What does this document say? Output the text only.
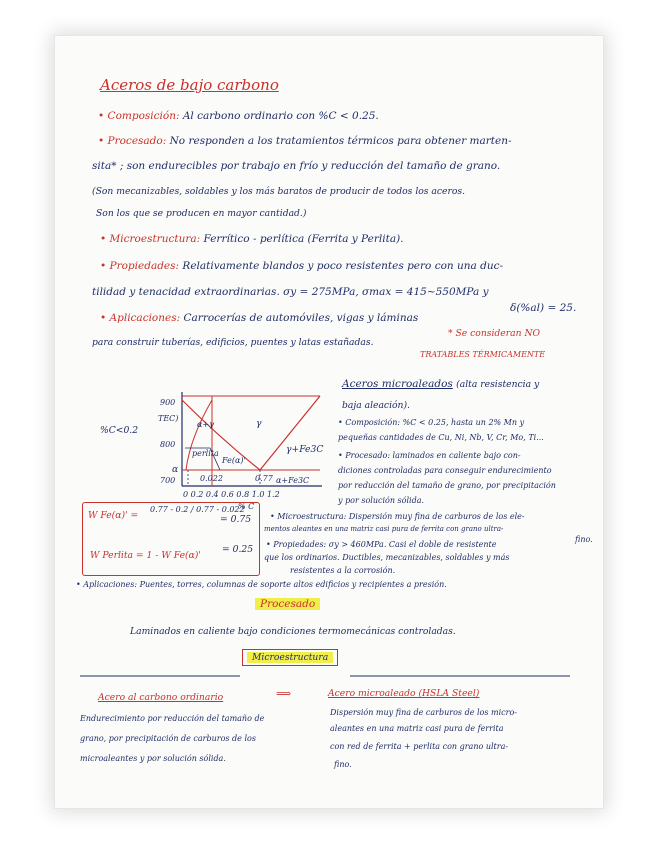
Aceros de bajo carbono
• Composición: Al carbono ordinario con %C < 0.25.
• Procesado: No responden a los tratamientos térmicos para obtener marten-
sita* ; son endurecibles por trabajo en frío y reducción del tamaño de grano.
(Son mecanizables, soldables y los más baratos de producir de todos los aceros.
Son los que se producen en mayor cantidad.)
• Microestructura: Ferrítico - perlítica (Ferrita y Perlita).
• Propiedades: Relativamente blandos y poco resistentes pero con una duc-
tilidad y tenacidad extraordinarias. σy = 275MPa, σmax = 415~550MPa y
δ(%al) = 25.
• Aplicaciones: Carrocerías de automóviles, vigas y láminas
* Se consideran NO
para construir tuberías, edificios, puentes y latas estañadas.
TRATABLES TÉRMICAMENTE
%C<0.2
900
TEC)
800
700
α+γ	γ
γ+Fe3C
α+Fe3C
α
perlita
Fe(α)'
0.022	0.77
0 0.2 0.4 0.6 0.8 1.0 1.2
W Fe(α)' =
0.77 - 0.2 / 0.77 - 0.022
= 0.75
% C
W Perlita = 1 - W Fe(α)'
= 0.25
Aceros microaleados (alta resistencia y
baja aleación).
• Composición: %C < 0.25, hasta un 2% Mn y
pequeñas cantidades de Cu, Ni, Nb, V, Cr, Mo, Ti...
• Procesado: laminados en caliente bajo con-
diciones controladas para conseguir endurecimiento
por reducción del tamaño de grano, por precipitación
y por solución sólida.
• Microestructura: Dispersión muy fina de carburos de los ele-
mentos aleantes en una matriz casi pura de ferrita con grano ultra-
fino.
• Propiedades: σy > 460MPa. Casi el doble de resistente
que los ordinarios. Ductibles, mecanizables, soldables y más
resistentes a la corrosión.
• Aplicaciones: Puentes, torres, columnas de soporte altos edificios y recipientes a presión.
Procesado
Laminados en caliente bajo condiciones termomecánicas controladas.
Microestructura
Acero al carbono ordinario	⟹	Acero microaleado (HSLA Steel)
Endurecimiento por reducción del tamaño de
grano, por precipitación de carburos de los
microaleantes y por solución sólida.
Dispersión muy fina de carburos de los micro-
aleantes en una matriz casi pura de ferrita
con red de ferrita + perlita con grano ultra-
fino.
